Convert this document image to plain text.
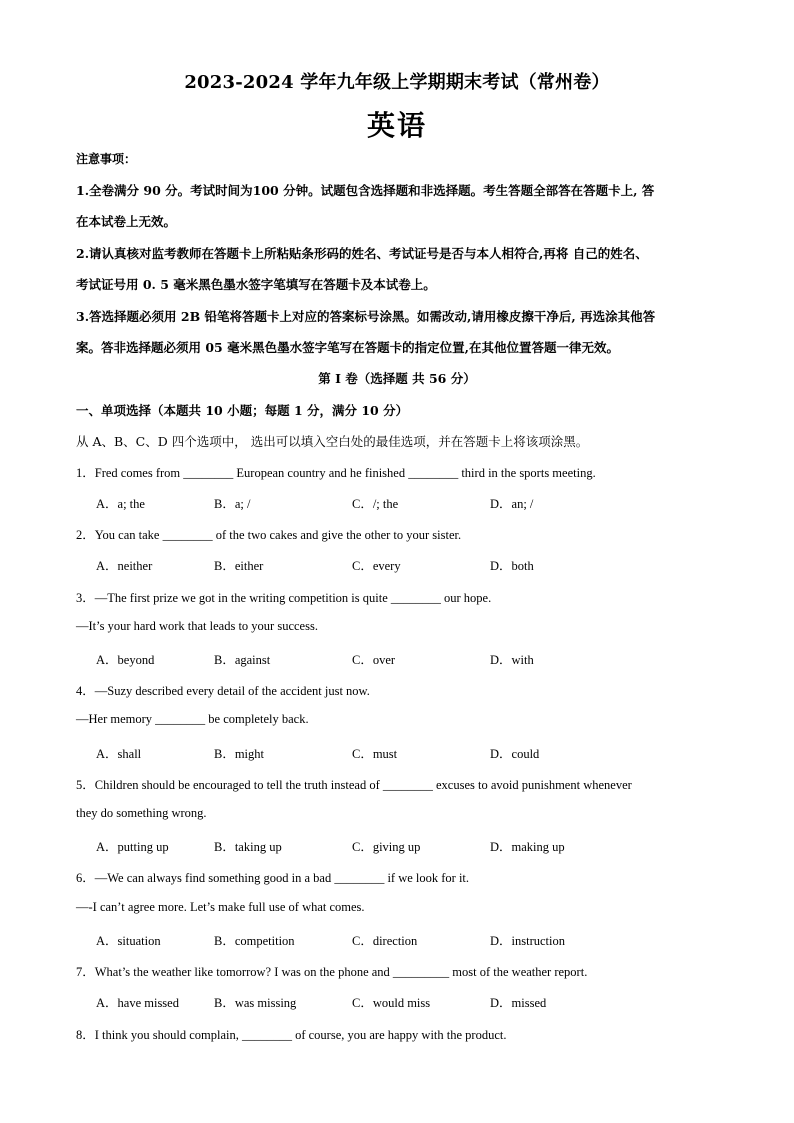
2023-2024 学年九年级上学期期末考试（常州卷）
英语
注意事项：
1.全卷满分 90 分。考试时间为100 分钟。试题包含选择题和非选择题。考生答题全部答在答题卡上, 答
在本试卷上无效。
2.请认真核对监考教师在答题卡上所粘贴条形码的姓名、考试证号是否与本人相符合,再将 自己的姓名、
考试证号用 0. 5 毫米黑色墨水签字笔填写在答题卡及本试卷上。
3.答选择题必须用 2B 铅笔将答题卡上对应的答案标号涂黑。如需改动,请用橡皮擦干净后, 再选涂其他答
案。答非选择题必须用 05 毫米黑色墨水签字笔写在答题卡的指定位置,在其他位置答题一律无效。
第 I 卷（选择题 共 56 分）
一、单项选择（本题共 10 小题；每题 1 分，满分 10 分）
从 A、B、C、D 四个选项中， 选出可以填入空白处的最佳选项，并在答题卡上将该项涂黑。
1．Fred comes from ________ European country and he finished ________ third in the sports meeting.
A．a; the	B．a; /	C．/; the	D．an; /
2．You can take ________ of the two cakes and give the other to your sister.
A．neither	B．either	C．every	D．both
3．—The first prize we got in the writing competition is quite ________ our hope.
—It’s your hard work that leads to your success.
A．beyond	B．against	C．over	D．with
4．—Suzy described every detail of the accident just now.
—Her memory ________ be completely back.
A．shall	B．might	C．must	D．could
5．Children should be encouraged to tell the truth instead of ________ excuses to avoid punishment whenever
they do something wrong.
A．putting up	B．taking up	C．giving up	D．making up
6．—We can always find something good in a bad ________ if we look for it.
—-I can’t agree more. Let’s make full use of what comes.
A．situation	B．competition	C．direction	D．instruction
7．What’s the weather like tomorrow? I was on the phone and _________ most of the weather report.
A．have missed	B．was missing	C．would miss	D．missed
8．I think you should complain, ________ of course, you are happy with the product.
